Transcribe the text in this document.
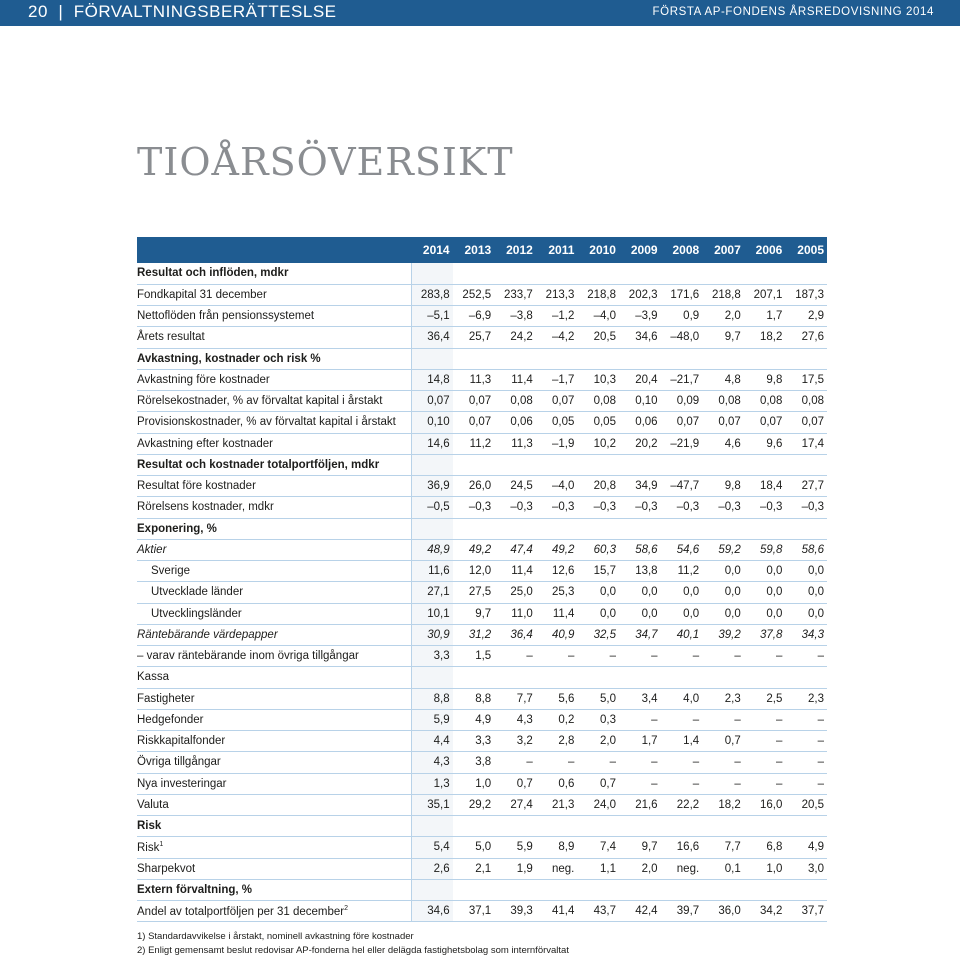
20  |  FÖRVALTNINGSBERÄTTESLSE	FÖRSTA AP-FONDENS ÅRSREDOVISNING 2014
TIOÅRSÖVERSIKT
	2014	2013	2012	2011	2010	2009	2008	2007	2006	2005
Resultat och inflöden, mdkr										
Fondkapital 31 december	283,8	252,5	233,7	213,3	218,8	202,3	171,6	218,8	207,1	187,3
Nettoflöden från pensionssystemet	–5,1	–6,9	–3,8	–1,2	–4,0	–3,9	0,9	2,0	1,7	2,9
Årets resultat	36,4	25,7	24,2	–4,2	20,5	34,6	–48,0	9,7	18,2	27,6
Avkastning, kostnader och risk %										
Avkastning före kostnader	14,8	11,3	11,4	–1,7	10,3	20,4	–21,7	4,8	9,8	17,5
Rörelsekostnader, % av förvaltat kapital i årstakt	0,07	0,07	0,08	0,07	0,08	0,10	0,09	0,08	0,08	0,08
Provisionskostnader, % av förvaltat kapital i årstakt	0,10	0,07	0,06	0,05	0,05	0,06	0,07	0,07	0,07	0,07
Avkastning efter kostnader	14,6	11,2	11,3	–1,9	10,2	20,2	–21,9	4,6	9,6	17,4
Resultat och kostnader totalportföljen, mdkr										
Resultat före kostnader	36,9	26,0	24,5	–4,0	20,8	34,9	–47,7	9,8	18,4	27,7
Rörelsens kostnader, mdkr	–0,5	–0,3	–0,3	–0,3	–0,3	–0,3	–0,3	–0,3	–0,3	–0,3
Exponering, %										
Aktier	48,9	49,2	47,4	49,2	60,3	58,6	54,6	59,2	59,8	58,6
Sverige	11,6	12,0	11,4	12,6	15,7	13,8	11,2	0,0	0,0	0,0
Utvecklade länder	27,1	27,5	25,0	25,3	0,0	0,0	0,0	0,0	0,0	0,0
Utvecklingsländer	10,1	9,7	11,0	11,4	0,0	0,0	0,0	0,0	0,0	0,0
Räntebärande värdepapper	30,9	31,2	36,4	40,9	32,5	34,7	40,1	39,2	37,8	34,3
– varav räntebärande inom övriga tillgångar	3,3	1,5	–	–	–	–	–	–	–	–
Kassa										
Fastigheter	8,8	8,8	7,7	5,6	5,0	3,4	4,0	2,3	2,5	2,3
Hedgefonder	5,9	4,9	4,3	0,2	0,3	–	–	–	–	–
Riskkapitalfonder	4,4	3,3	3,2	2,8	2,0	1,7	1,4	0,7	–	–
Övriga tillgångar	4,3	3,8	–	–	–	–	–	–	–	–
Nya investeringar	1,3	1,0	0,7	0,6	0,7	–	–	–	–	–
Valuta	35,1	29,2	27,4	21,3	24,0	21,6	22,2	18,2	16,0	20,5
Risk										
Risk$^1$	5,4	5,0	5,9	8,9	7,4	9,7	16,6	7,7	6,8	4,9
Sharpekvot	2,6	2,1	1,9	neg.	1,1	2,0	neg.	0,1	1,0	3,0
Extern förvaltning, %										
Andel av totalportföljen per 31 december$^2$	34,6	37,1	39,3	41,4	43,7	42,4	39,7	36,0	34,2	37,7
1) Standardavvikelse i årstakt, nominell avkastning före kostnader
2) Enligt gemensamt beslut redovisar AP-fonderna hel eller delägda fastighetsbolag som internförvaltat
